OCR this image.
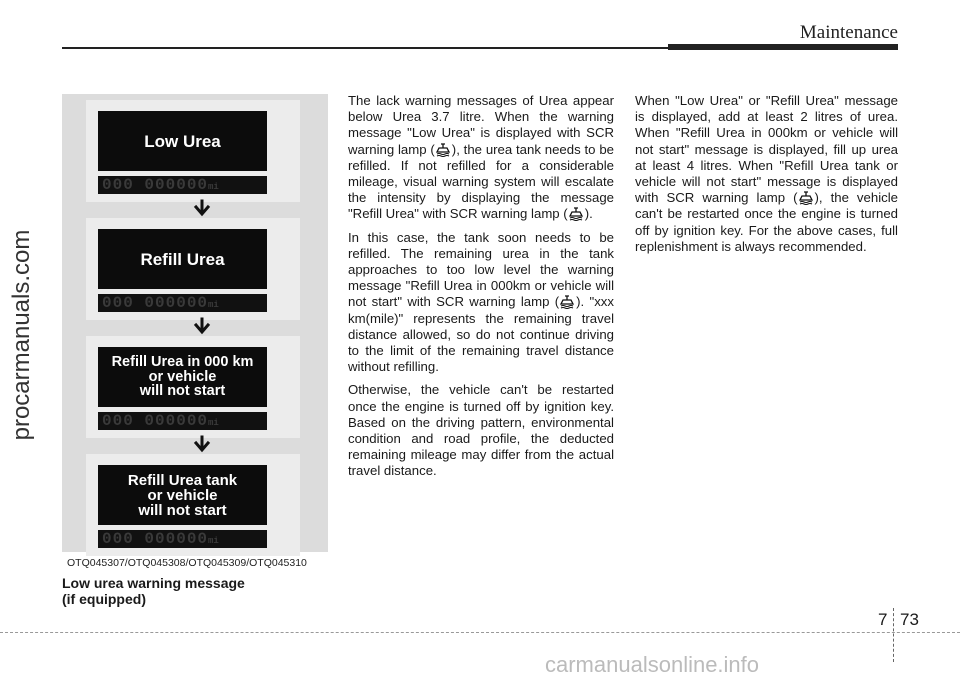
Maintenance
procarmanuals.com
Low Urea
000 000000mi
Refill Urea
000 000000mi
Refill Urea in 000 km
or vehicle
will not start
000 000000mi
Refill Urea tank
or vehicle
will not start
000 000000mi
OTQ045307/OTQ045308/OTQ045309/OTQ045310
Low urea warning message
(if equipped)

The lack warning messages of Urea appear below Urea 3.7 litre. When the warning message "Low Urea" is displayed with SCR warning lamp ( ), the urea tank needs to be refilled. If not refilled for a considerable mileage, visual warning system will escalate the intensity by displaying the message "Refill Urea" with SCR warning lamp ( ).

In this case, the tank soon needs to be refilled. The remaining urea in the tank approaches to too low level the warning message "Refill Urea in 000km or vehicle will not start" with SCR warning lamp ( ). "xxx km(mile)" represents the remaining travel distance allowed, so do not continue driving to the limit of the remaining travel distance without refilling.

Otherwise, the vehicle can't be restarted once the engine is turned off by ignition key. Based on the driving pattern, environmental condition and road profile, the deducted remaining mileage may differ from the actual travel distance.

When "Low Urea" or "Refill Urea" message is displayed, add at least 2 litres of urea. When "Refill Urea in 000km or vehicle will not start" message is displayed, fill up urea at least 4 litres. When "Refill Urea tank or vehicle will not start" message is displayed with SCR warning lamp ( ), the vehicle can't be restarted once the engine is turned off by ignition key. For the above cases, full replenishment is always recommended.

7 73
carmanualsonline.info
